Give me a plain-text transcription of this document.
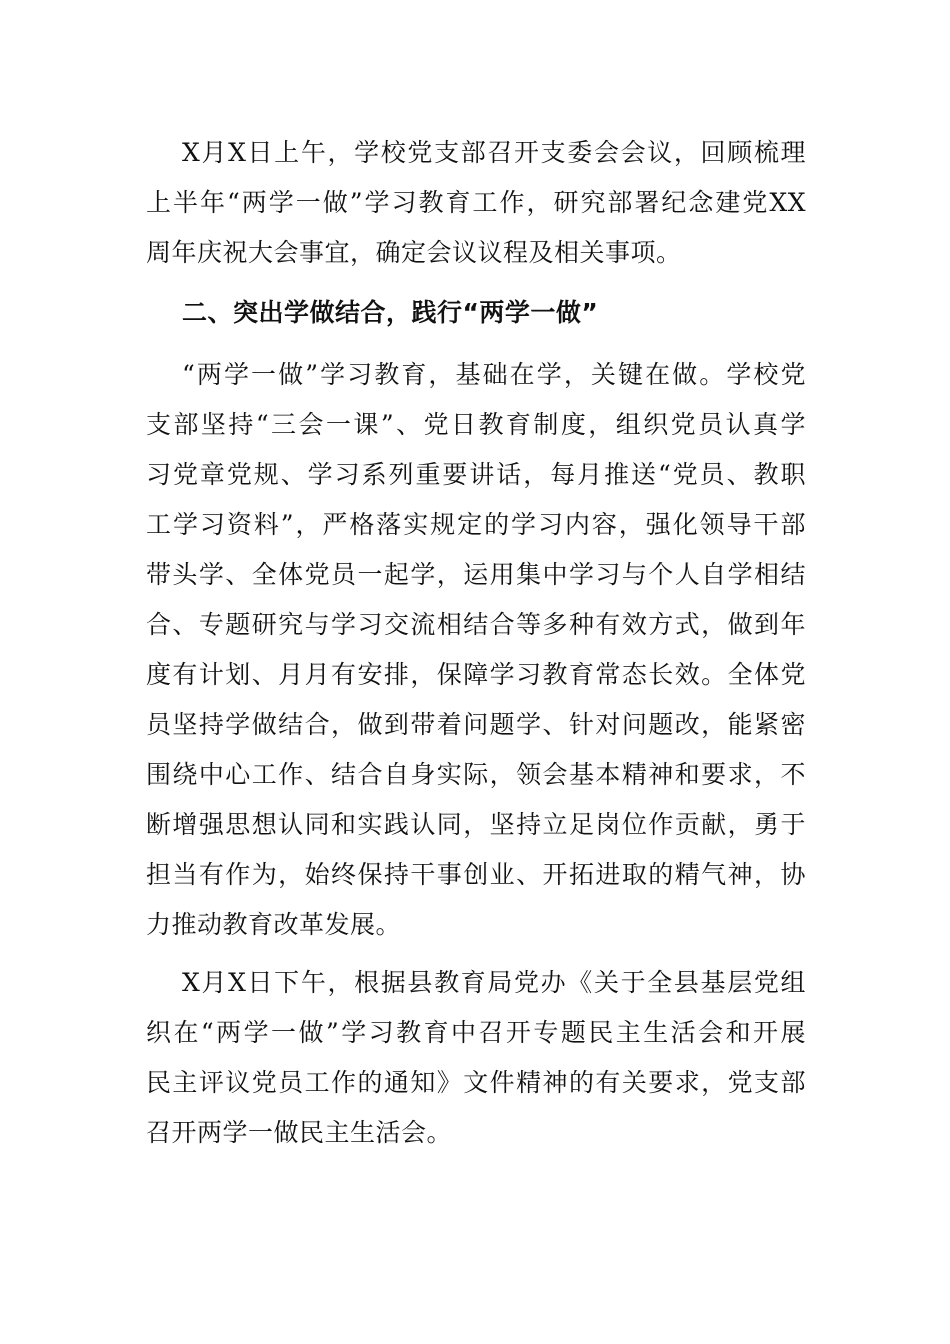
X月X日上午，学校党支部召开支委会会议，回顾梳理
上半年“两学一做”学习教育工作，研究部署纪念建党XX
周年庆祝大会事宜，确定会议议程及相关事项。
二、突出学做结合，践行“两学一做”
“两学一做”学习教育，基础在学，关键在做。学校党
支部坚持“三会一课”、党日教育制度，组织党员认真学
习党章党规、学习系列重要讲话，每月推送“党员、教职
工学习资料”，严格落实规定的学习内容，强化领导干部
带头学、全体党员一起学，运用集中学习与个人自学相结
合、专题研究与学习交流相结合等多种有效方式，做到年
度有计划、月月有安排，保障学习教育常态长效。全体党
员坚持学做结合，做到带着问题学、针对问题改，能紧密
围绕中心工作、结合自身实际，领会基本精神和要求，不
断增强思想认同和实践认同，坚持立足岗位作贡献，勇于
担当有作为，始终保持干事创业、开拓进取的精气神，协
力推动教育改革发展。
X月X日下午，根据县教育局党办《关于全县基层党组
织在“两学一做”学习教育中召开专题民主生活会和开展
民主评议党员工作的通知》文件精神的有关要求，党支部
召开两学一做民主生活会。
